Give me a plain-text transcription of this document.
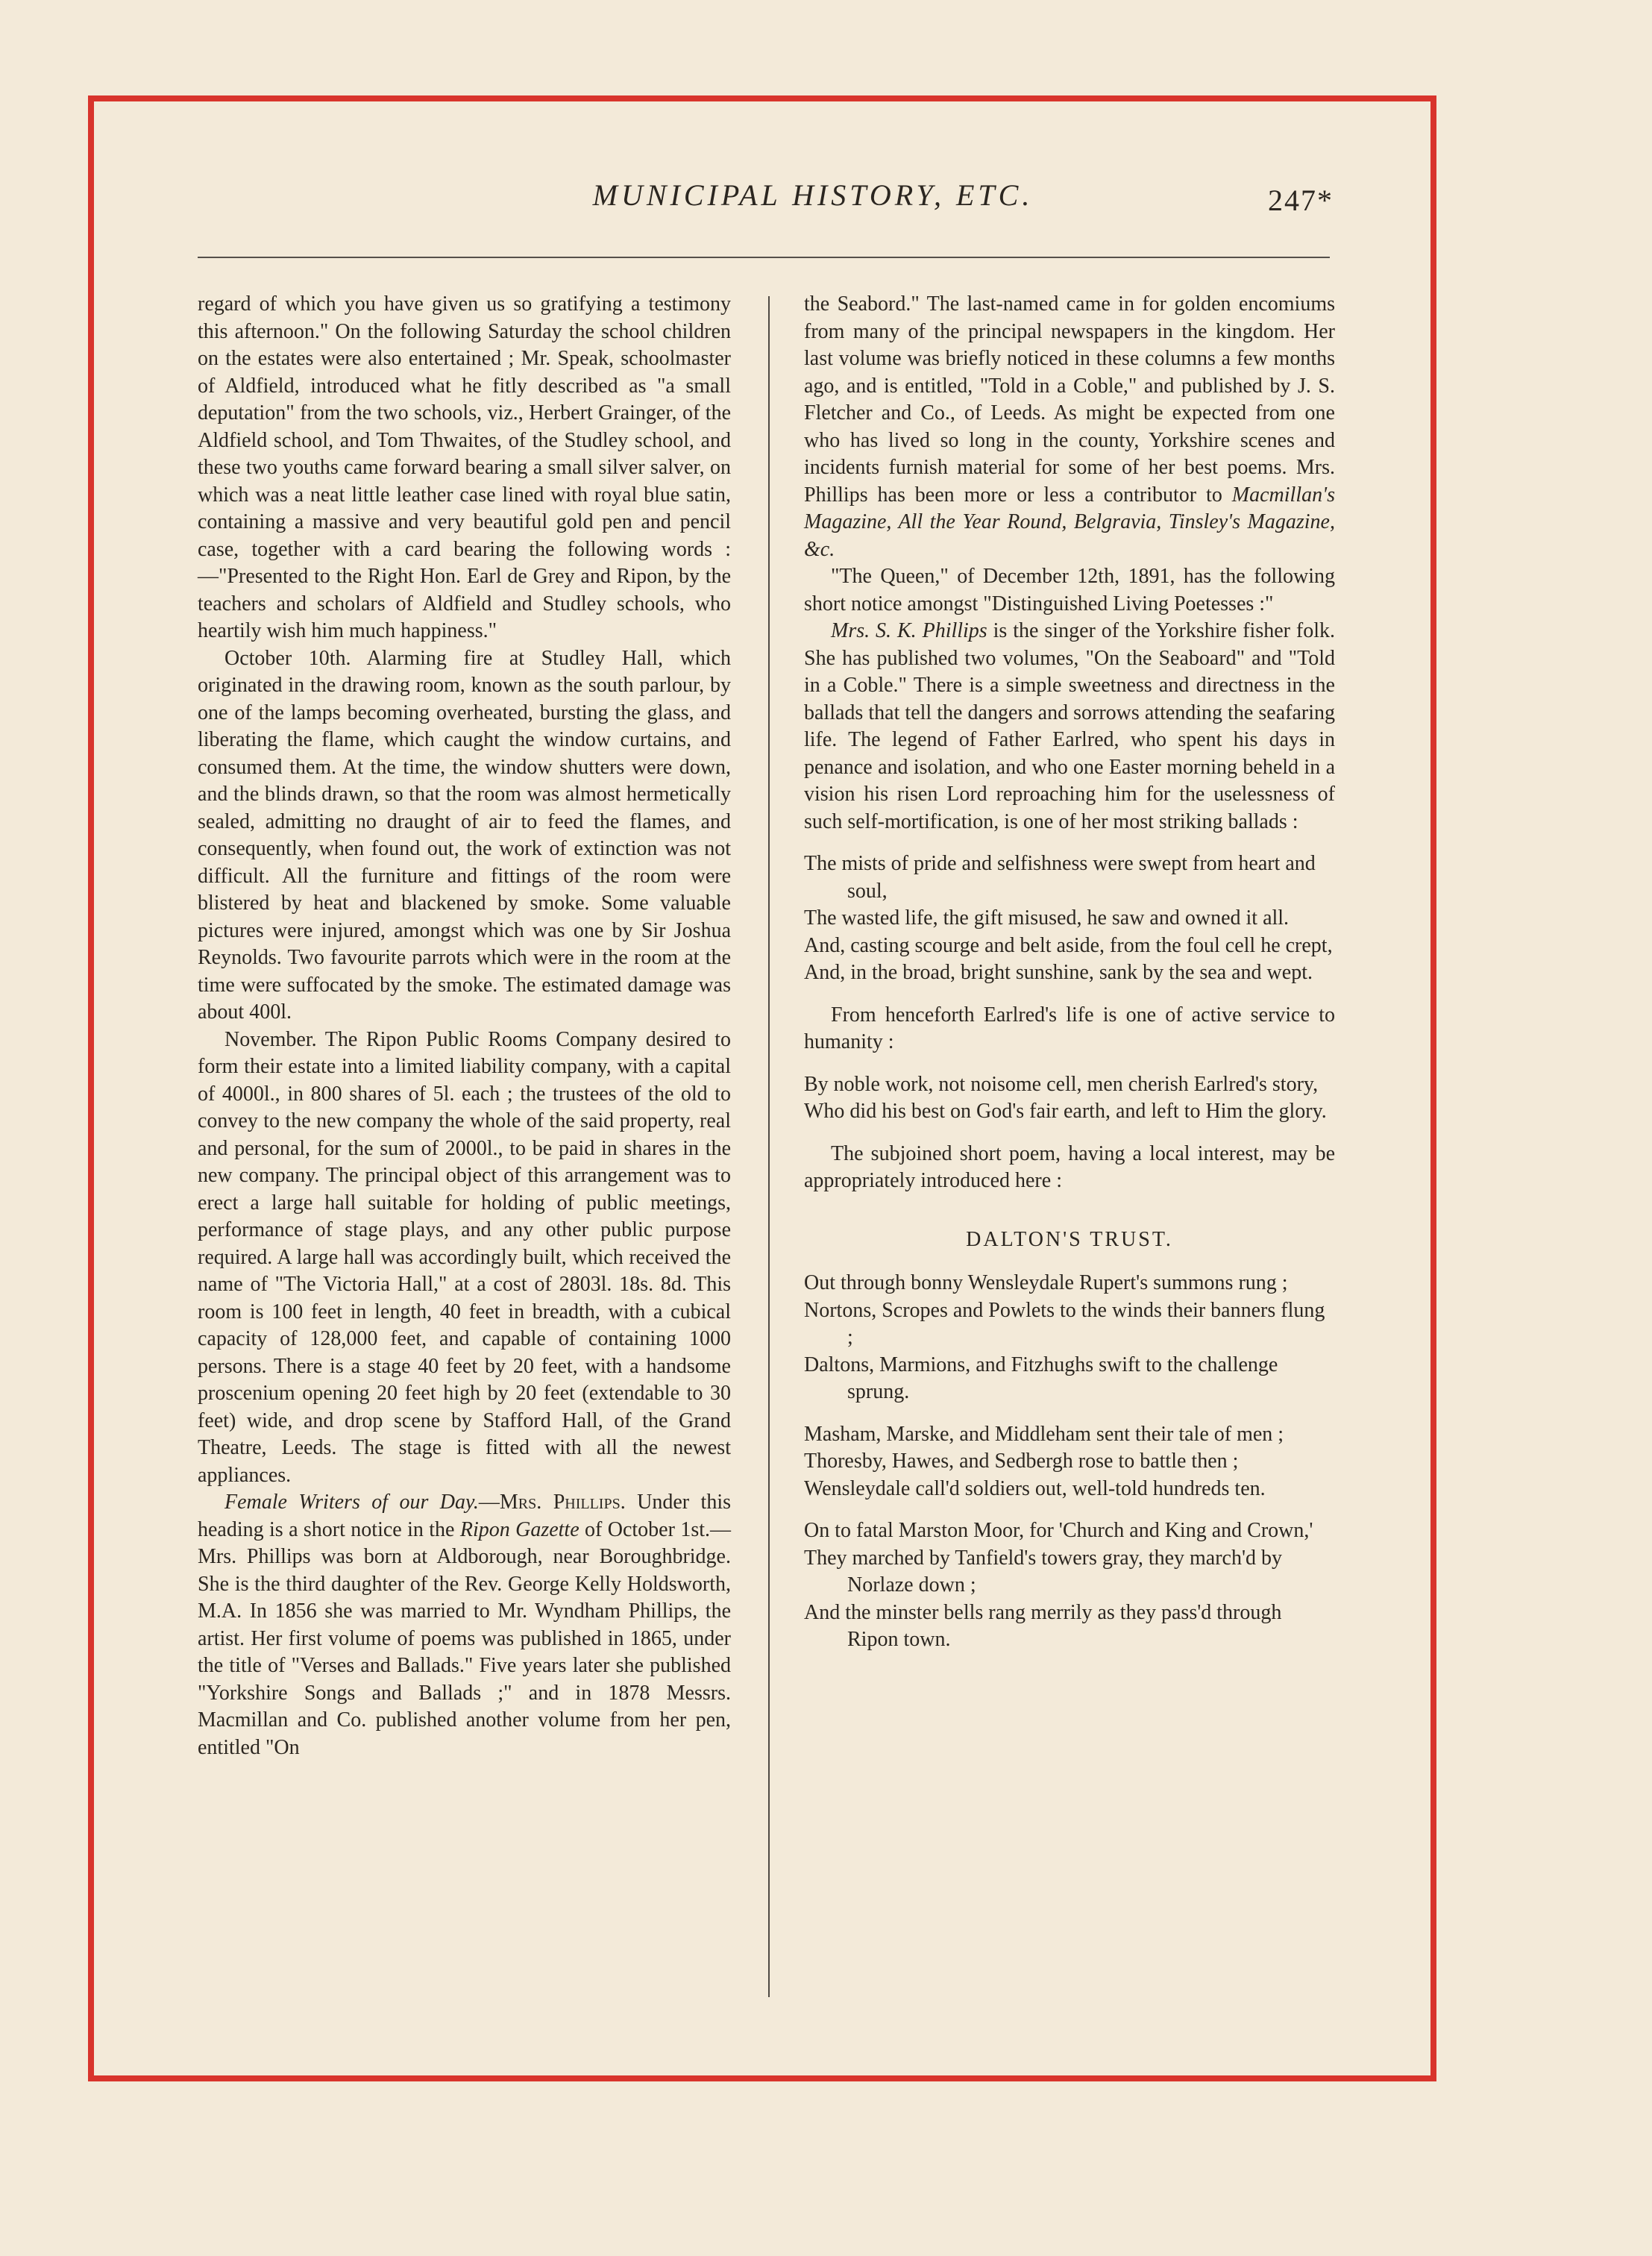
MUNICIPAL HISTORY, ETC.	247*

regard of which you have given us so gratifying a testimony this afternoon." On the following Saturday the school children on the estates were also entertained ; Mr. Speak, schoolmaster of Aldfield, introduced what he fitly described as "a small deputation" from the two schools, viz., Herbert Grainger, of the Aldfield school, and Tom Thwaites, of the Studley school, and these two youths came forward bearing a small silver salver, on which was a neat little leather case lined with royal blue satin, containing a massive and very beautiful gold pen and pencil case, together with a card bearing the following words :—"Presented to the Right Hon. Earl de Grey and Ripon, by the teachers and scholars of Aldfield and Studley schools, who heartily wish him much happiness."

October 10th. Alarming fire at Studley Hall, which originated in the drawing room, known as the south parlour, by one of the lamps becoming overheated, bursting the glass, and liberating the flame, which caught the window curtains, and consumed them. At the time, the window shutters were down, and the blinds drawn, so that the room was almost hermetically sealed, admitting no draught of air to feed the flames, and consequently, when found out, the work of extinction was not difficult. All the furniture and fittings of the room were blistered by heat and blackened by smoke. Some valuable pictures were injured, amongst which was one by Sir Joshua Reynolds. Two favourite parrots which were in the room at the time were suffocated by the smoke. The estimated damage was about 400l.

November. The Ripon Public Rooms Company desired to form their estate into a limited liability company, with a capital of 4000l., in 800 shares of 5l. each ; the trustees of the old to convey to the new company the whole of the said property, real and personal, for the sum of 2000l., to be paid in shares in the new company. The principal object of this arrangement was to erect a large hall suitable for holding of public meetings, performance of stage plays, and any other public purpose required. A large hall was accordingly built, which received the name of "The Victoria Hall," at a cost of 2803l. 18s. 8d. This room is 100 feet in length, 40 feet in breadth, with a cubical capacity of 128,000 feet, and capable of containing 1000 persons. There is a stage 40 feet by 20 feet, with a handsome proscenium opening 20 feet high by 20 feet (extendable to 30 feet) wide, and drop scene by Stafford Hall, of the Grand Theatre, Leeds. The stage is fitted with all the newest appliances.

Female Writers of our Day.—Mrs. Phillips. Under this heading is a short notice in the Ripon Gazette of October 1st.—Mrs. Phillips was born at Aldborough, near Boroughbridge. She is the third daughter of the Rev. George Kelly Holdsworth, M.A. In 1856 she was married to Mr. Wyndham Phillips, the artist. Her first volume of poems was published in 1865, under the title of "Verses and Ballads." Five years later she published "Yorkshire Songs and Ballads ;" and in 1878 Messrs. Macmillan and Co. published another volume from her pen, entitled "On

the Seabord." The last-named came in for golden encomiums from many of the principal newspapers in the kingdom. Her last volume was briefly noticed in these columns a few months ago, and is entitled, "Told in a Coble," and published by J. S. Fletcher and Co., of Leeds. As might be expected from one who has lived so long in the county, Yorkshire scenes and incidents furnish material for some of her best poems. Mrs. Phillips has been more or less a contributor to Macmillan's Magazine, All the Year Round, Belgravia, Tinsley's Magazine, &c.

"The Queen," of December 12th, 1891, has the following short notice amongst "Distinguished Living Poetesses :"

Mrs. S. K. Phillips is the singer of the Yorkshire fisher folk. She has published two volumes, "On the Seaboard" and "Told in a Coble." There is a simple sweetness and directness in the ballads that tell the dangers and sorrows attending the seafaring life. The legend of Father Earlred, who spent his days in penance and isolation, and who one Easter morning beheld in a vision his risen Lord reproaching him for the uselessness of such self-mortification, is one of her most striking ballads :

The mists of pride and selfishness were swept from heart and soul,

The wasted life, the gift misused, he saw and owned it all.

And, casting scourge and belt aside, from the foul cell he crept,

And, in the broad, bright sunshine, sank by the sea and wept.

From henceforth Earlred's life is one of active service to humanity :

By noble work, not noisome cell, men cherish Earlred's story,

Who did his best on God's fair earth, and left to Him the glory.

The subjoined short poem, having a local interest, may be appropriately introduced here :

DALTON'S TRUST.

Out through bonny Wensleydale Rupert's summons rung ;

Nortons, Scropes and Powlets to the winds their banners flung ;

Daltons, Marmions, and Fitzhughs swift to the challenge sprung.

Masham, Marske, and Middleham sent their tale of men ;

Thoresby, Hawes, and Sedbergh rose to battle then ;

Wensleydale call'd soldiers out, well-told hundreds ten.

On to fatal Marston Moor, for 'Church and King and Crown,'

They marched by Tanfield's towers gray, they march'd by Norlaze down ;

And the minster bells rang merrily as they pass'd through Ripon town.
